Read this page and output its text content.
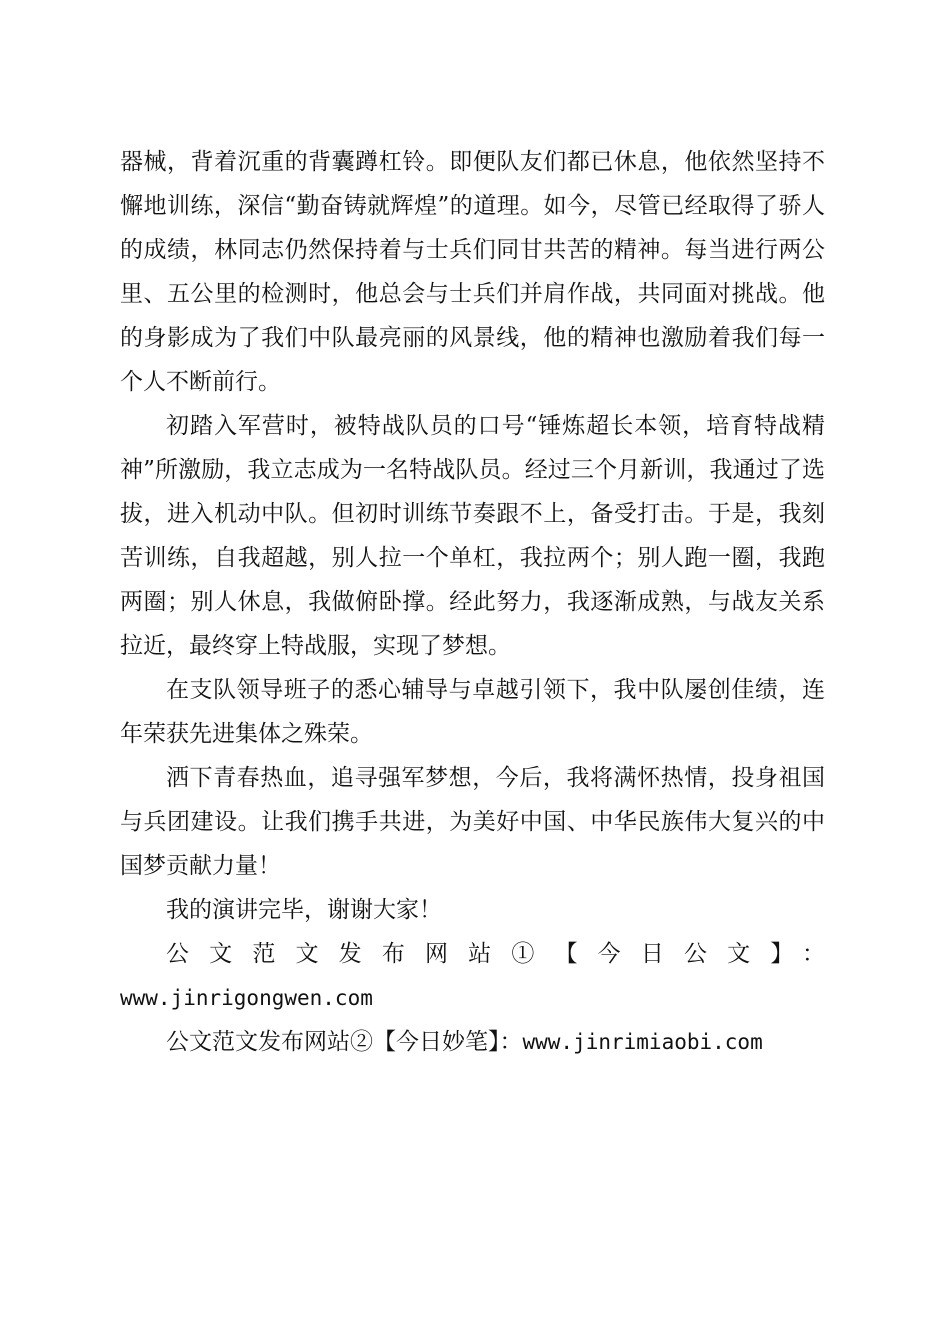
器械，背着沉重的背囊蹲杠铃。即便队友们都已休息，他依然坚持不懈地训练，深信“勤奋铸就辉煌”的道理。如今，尽管已经取得了骄人的成绩，林同志仍然保持着与士兵们同甘共苦的精神。每当进行两公里、五公里的检测时，他总会与士兵们并肩作战，共同面对挑战。他的身影成为了我们中队最亮丽的风景线，他的精神也激励着我们每一个人不断前行。

初踏入军营时，被特战队员的口号“锤炼超长本领，培育特战精神”所激励，我立志成为一名特战队员。经过三个月新训，我通过了选拔，进入机动中队。但初时训练节奏跟不上，备受打击。于是，我刻苦训练，自我超越，别人拉一个单杠，我拉两个；别人跑一圈，我跑两圈；别人休息，我做俯卧撑。经此努力，我逐渐成熟，与战友关系拉近，最终穿上特战服，实现了梦想。

在支队领导班子的悉心辅导与卓越引领下，我中队屡创佳绩，连年荣获先进集体之殊荣。

洒下青春热血，追寻强军梦想，今后，我将满怀热情，投身祖国与兵团建设。让我们携手共进，为美好中国、中华民族伟大复兴的中国梦贡献力量！

我的演讲完毕，谢谢大家！

公文范文发布网站①【今日公文】：

www.jinrigongwen.com

公文范文发布网站②【今日妙笔】：www.jinrimiaobi.com
